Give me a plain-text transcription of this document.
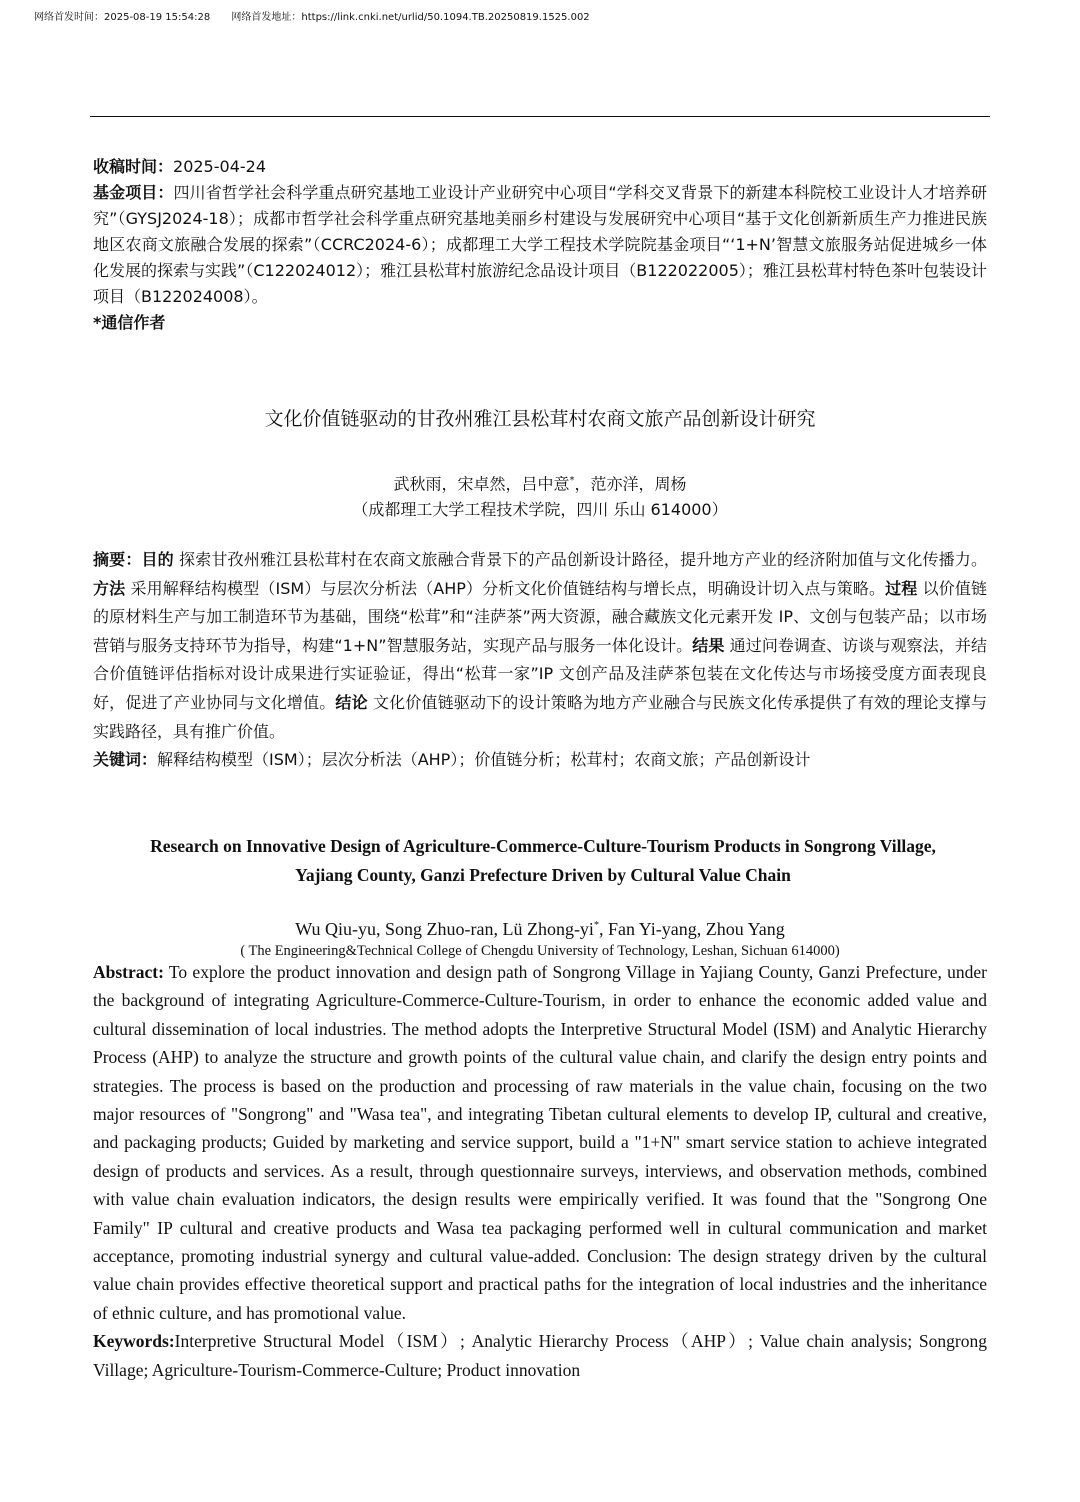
网络首发时间：2025-08-19 15:54:28 网络首发地址：https://link.cnki.net/urlid/50.1094.TB.20250819.1525.002

收稿时间：2025-04-24

基金项目：四川省哲学社会科学重点研究基地工业设计产业研究中心项目“学科交叉背景下的新建本科院校工业设计人才培养研究”（GYSJ2024-18）；成都市哲学社会科学重点研究基地美丽乡村建设与发展研究中心项目“基于文化创新新质生产力推进民族地区农商文旅融合发展的探索”（CCRC2024-6）；成都理工大学工程技术学院院基金项目“‘1+N’智慧文旅服务站促进城乡一体化发展的探索与实践”（C122024012）；雅江县松茸村旅游纪念品设计项目（B122022005）；雅江县松茸村特色茶叶包装设计项目（B122024008）。

*通信作者

文化价值链驱动的甘孜州雅江县松茸村农商文旅产品创新设计研究
武秋雨，宋卓然，吕中意*，范亦洋，周杨
（成都理工大学工程技术学院，四川 乐山 614000）

摘要：目的 探索甘孜州雅江县松茸村在农商文旅融合背景下的产品创新设计路径，提升地方产业的经济附加值与文化传播力。方法 采用解释结构模型（ISM）与层次分析法（AHP）分析文化价值链结构与增长点，明确设计切入点与策略。过程 以价值链的原材料生产与加工制造环节为基础，围绕“松茸”和“洼萨茶”两大资源，融合藏族文化元素开发 IP、文创与包装产品；以市场营销与服务支持环节为指导，构建“1+N”智慧服务站，实现产品与服务一体化设计。结果 通过问卷调查、访谈与观察法，并结合价值链评估指标对设计成果进行实证验证，得出“松茸一家”IP 文创产品及洼萨茶包装在文化传达与市场接受度方面表现良好，促进了产业协同与文化增值。结论 文化价值链驱动下的设计策略为地方产业融合与民族文化传承提供了有效的理论支撑与实践路径，具有推广价值。

关键词：解释结构模型（ISM）；层次分析法（AHP）；价值链分析；松茸村；农商文旅；产品创新设计

Research on Innovative Design of Agriculture-Commerce-Culture-Tourism Products in Songrong Village,
Yajiang County, Ganzi Prefecture Driven by Cultural Value Chain
Wu Qiu-yu, Song Zhuo-ran, Lü Zhong-yi*, Fan Yi-yang, Zhou Yang
( The Engineering&Technical College of Chengdu University of Technology, Leshan, Sichuan 614000)

Abstract: To explore the product innovation and design path of Songrong Village in Yajiang County, Ganzi Prefecture, under the background of integrating Agriculture-Commerce-Culture-Tourism, in order to enhance the economic added value and cultural dissemination of local industries. The method adopts the Interpretive Structural Model (ISM) and Analytic Hierarchy Process (AHP) to analyze the structure and growth points of the cultural value chain, and clarify the design entry points and strategies. The process is based on the production and processing of raw materials in the value chain, focusing on the two major resources of "Songrong" and "Wasa tea", and integrating Tibetan cultural elements to develop IP, cultural and creative, and packaging products; Guided by marketing and service support, build a "1+N" smart service station to achieve integrated design of products and services. As a result, through questionnaire surveys, interviews, and observation methods, combined with value chain evaluation indicators, the design results were empirically verified. It was found that the "Songrong One Family" IP cultural and creative products and Wasa tea packaging performed well in cultural communication and market acceptance, promoting industrial synergy and cultural value-added. Conclusion: The design strategy driven by the cultural value chain provides effective theoretical support and practical paths for the integration of local industries and the inheritance of ethnic culture, and has promotional value.

Keywords:Interpretive Structural Model（ISM）; Analytic Hierarchy Process（AHP）; Value chain analysis; Songrong Village; Agriculture-Tourism-Commerce-Culture; Product innovation
